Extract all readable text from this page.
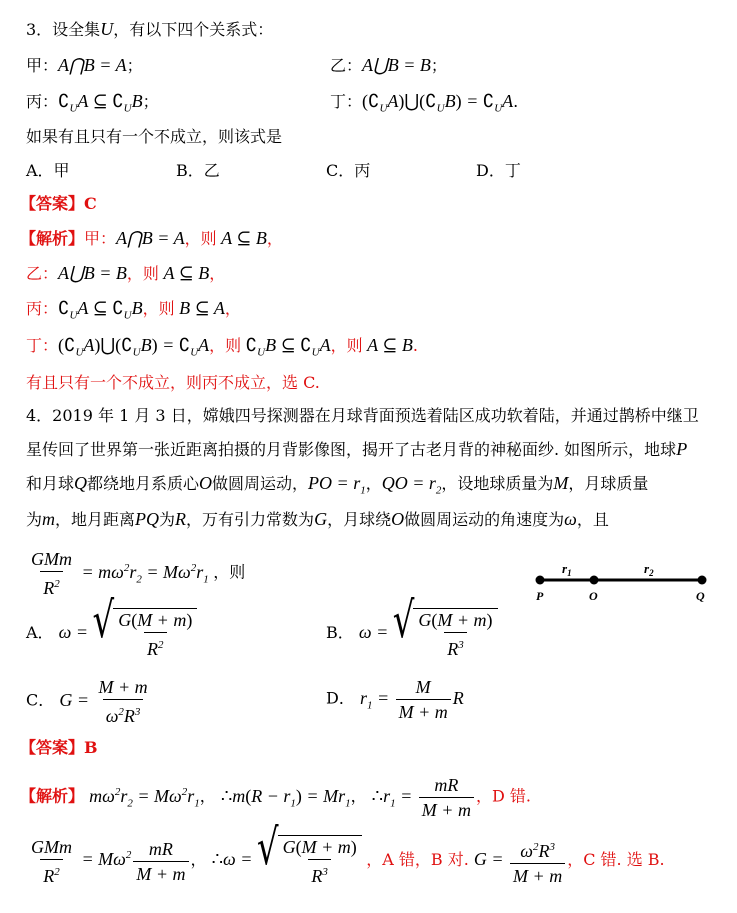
3．设全集U，有以下四个关系式：
甲：A⋂B = A；	乙：A⋃B = B；
丙：$∁_UA$ ⊆ $∁_UB$；	丁：$(∁_UA)⋃(∁_UB)$ = $∁_UA$.
如果有且只有一个不成立，则该式是
A．甲	B．乙	C．丙	D．丁
【答案】C
【解析】甲：A⋂B = A，则 A ⊆ B，
乙：A⋃B = B，则 A ⊆ B，
丙：$∁_UA$ ⊆ $∁_UB$，则 B ⊆ A，
丁：$(∁_UA)⋃(∁_UB)$ = $∁_UA$，则 $∁_UB$ ⊆ $∁_UA$，则 A ⊆ B.
有且只有一个不成立，则丙不成立，选 C.
4．2019 年 1 月 3 日，嫦娥四号探测器在月球背面预选着陆区成功软着陆，并通过鹊桥中继卫
星传回了世界第一张近距离拍摄的月背影像图，揭开了古老月背的神秘面纱. 如图所示，地球P
和月球Q都绕地月系质心O做圆周运动，PO = $r_1$，QO = $r_2$，设地球质量为M，月球质量
为m，地月距离PQ为R，万有引力常数为G，月球绕O做圆周运动的角速度为ω，且
$\frac{\text{GMm}}{R^2} = m\omega^2r_2 = M\omega^2r_1$ ，则
P	O	Q
$r_1$	$r_2$
A． ω = √ $\frac{G(M + m)}{R^2}$	B． ω = √ $\frac{G(M + m)}{R^3}$
C． $G = \frac{M + m}{\omega^2R^3}$	D． $r_1 = \frac{M}{M + m}$ R
【答案】B
【解析】 $m\omega^2r_2 = M\omega^2r_1$， ∴m(R − $r_1) = Mr_1$， $\therefore r_1 = \frac{mR}{M + m}$ ，D 错.
$\frac{\text{GMm}}{R^2} = M\omega^2 \frac{mR}{M + m}$ ， ∴ω = √ $\frac{G(M + m)}{R^3}$ ，A 错，B 对. $G = \frac{\omega^2R^3}{M + m}$ ，C 错. 选 B.
